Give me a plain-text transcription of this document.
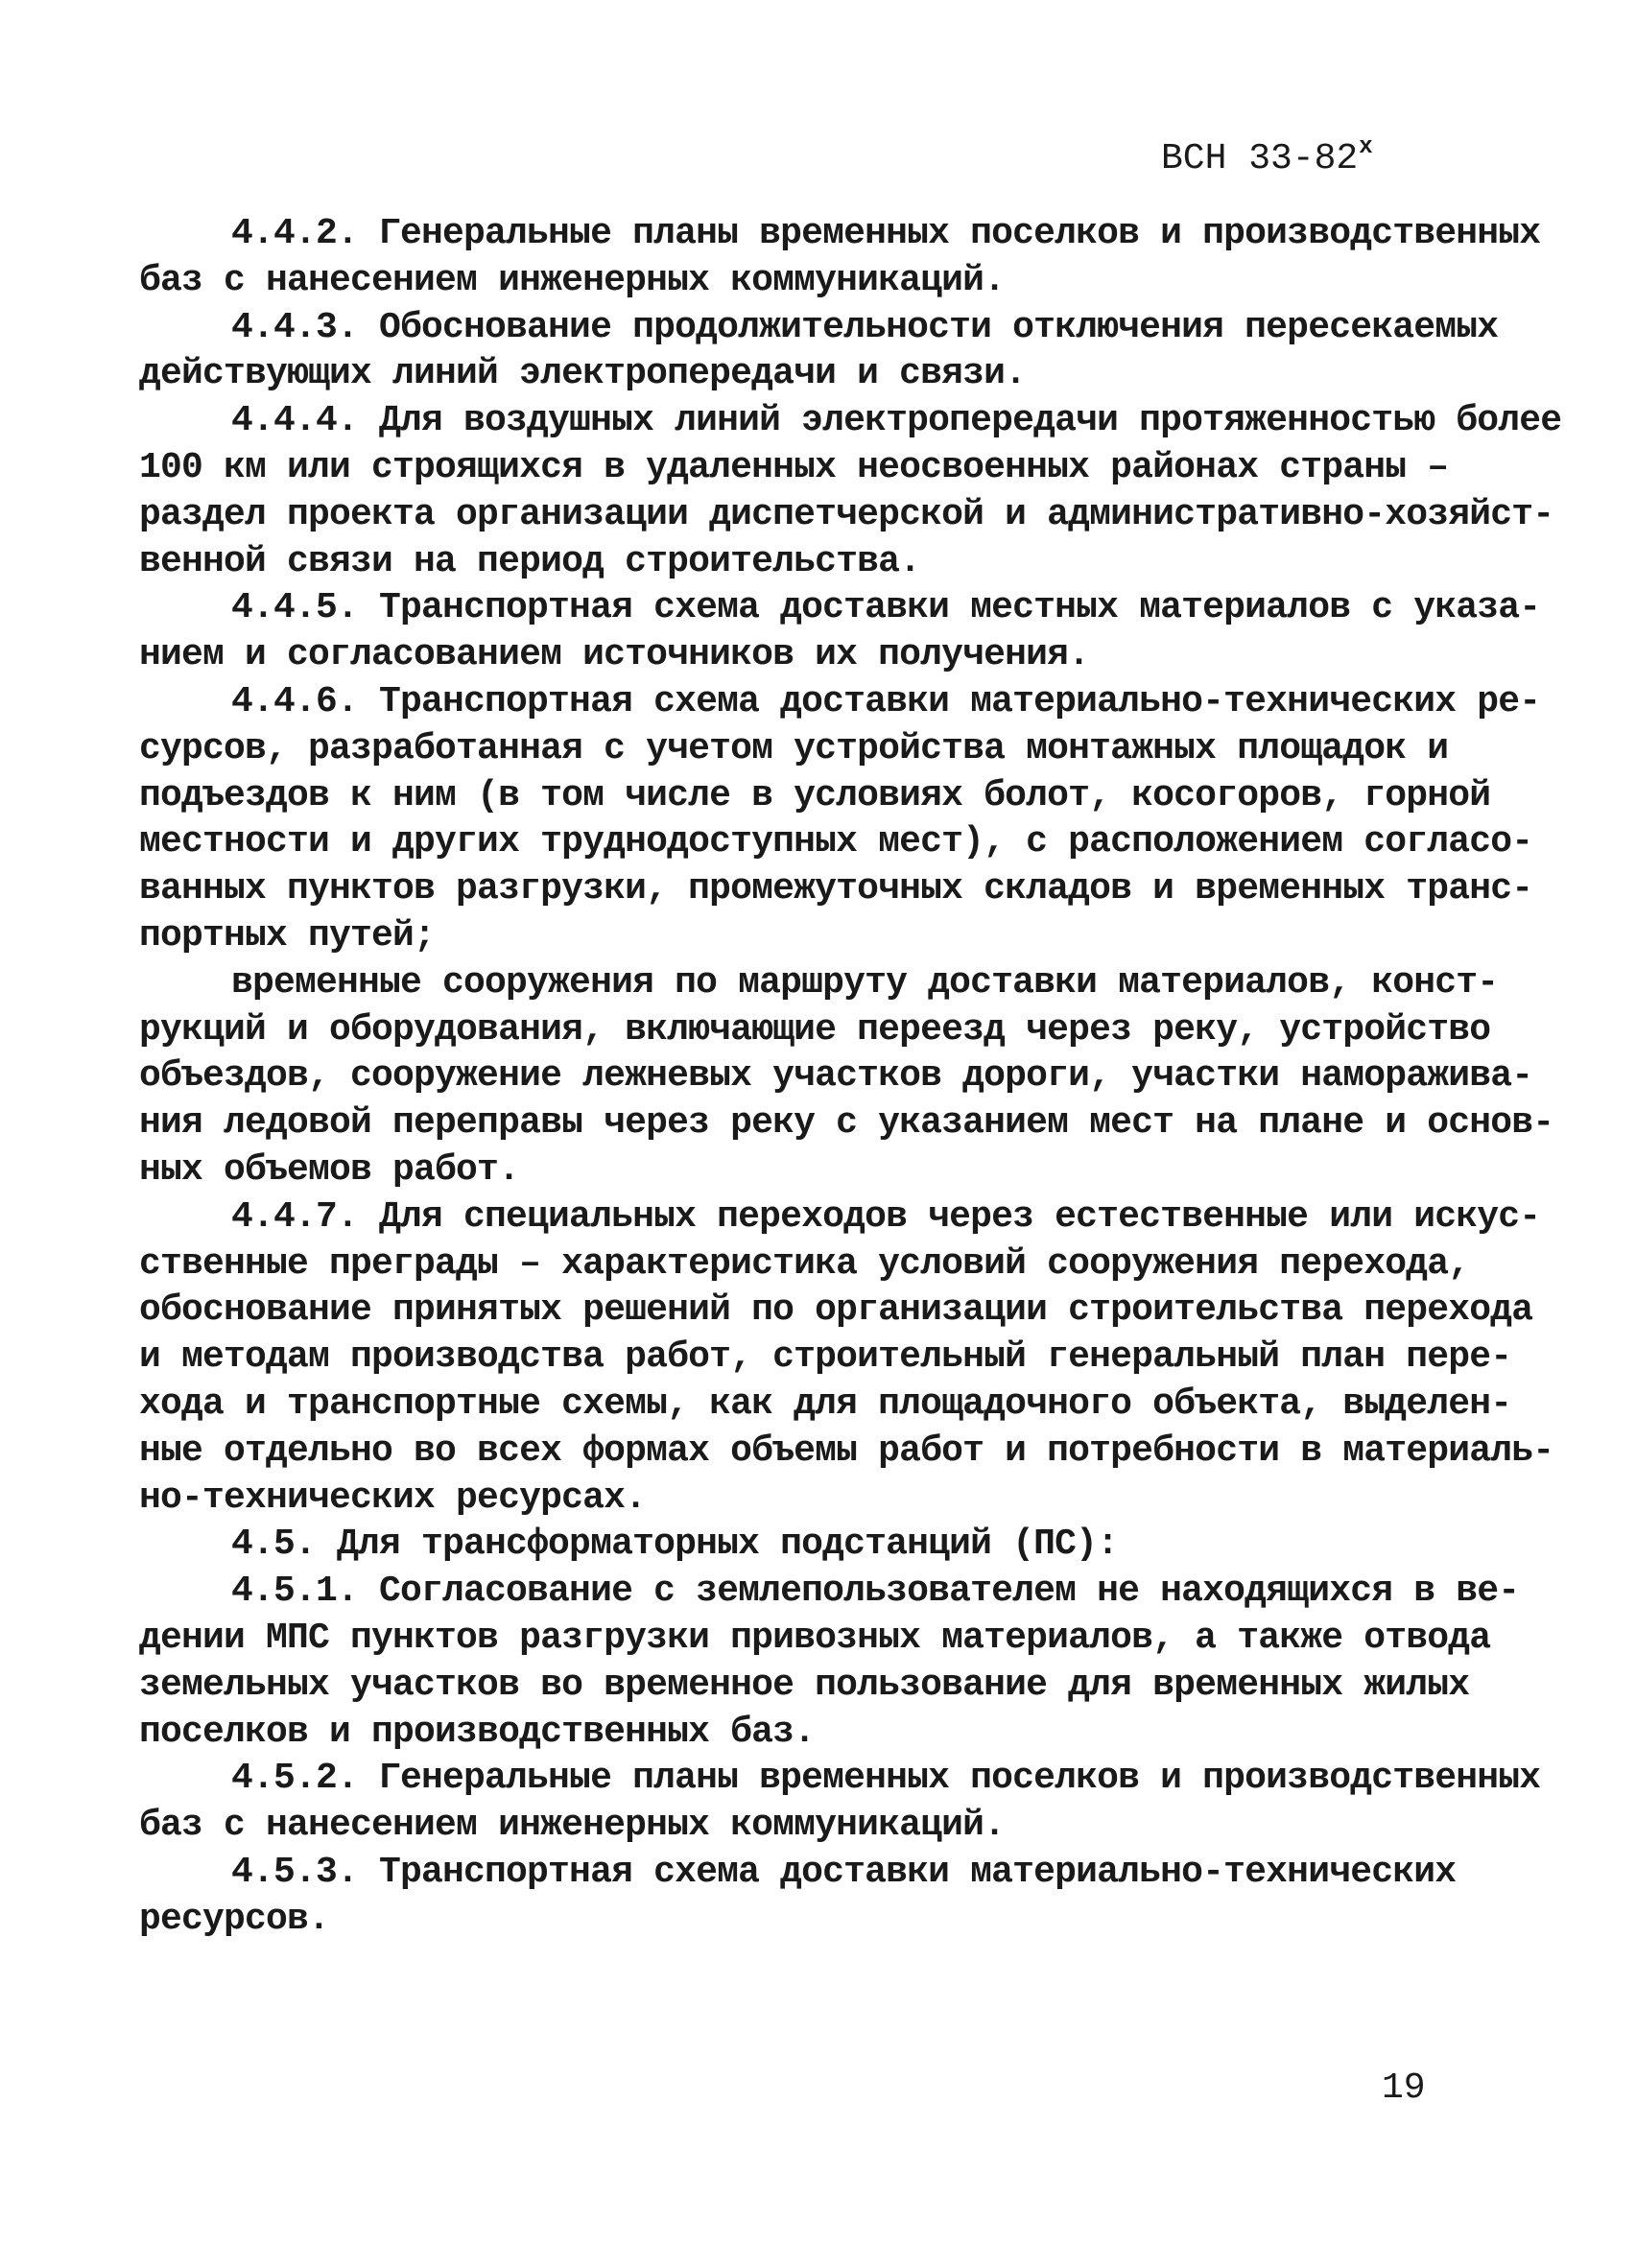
ВСН $33-82^х$
4.4.2. Генеральные планы временных поселков и производственных
баз с нанесением инженерных коммуникаций.
4.4.3. Обоснование продолжительности отключения пересекаемых
действующих линий электропередачи и связи.
4.4.4. Для воздушных линий электропередачи протяженностью более
100 км или строящихся в удаленных неосвоенных районах страны –
раздел проекта организации диспетчерской и административно-хозяйст-
венной связи на период строительства.
4.4.5. Транспортная схема доставки местных материалов с указа-
нием и согласованием источников их получения.
4.4.6. Транспортная схема доставки материально-технических ре-
сурсов, разработанная с учетом устройства монтажных площадок и
подъездов к ним (в том числе в условиях болот, косогоров, горной
местности и других труднодоступных мест), с расположением согласо-
ванных пунктов разгрузки, промежуточных складов и временных транс-
портных путей;
временные сооружения по маршруту доставки материалов, конст-
рукций и оборудования, включающие переезд через реку, устройство
объездов, сооружение лежневых участков дороги, участки наморажива-
ния ледовой переправы через реку с указанием мест на плане и основ-
ных объемов работ.
4.4.7. Для специальных переходов через естественные или искус-
ственные преграды – характеристика условий сооружения перехода,
обоснование принятых решений по организации строительства перехода
и методам производства работ, строительный генеральный план пере-
хода и транспортные схемы, как для площадочного объекта, выделен-
ные отдельно во всех формах объемы работ и потребности в материаль-
но-технических ресурсах.
4.5. Для трансформаторных подстанций (ПС):
4.5.1. Согласование с землепользователем не находящихся в ве-
дении МПС пунктов разгрузки привозных материалов, а также отвода
земельных участков во временное пользование для временных жилых
поселков и производственных баз.
4.5.2. Генеральные планы временных поселков и производственных
баз с нанесением инженерных коммуникаций.
4.5.3. Транспортная схема доставки материально-технических
ресурсов.
19
